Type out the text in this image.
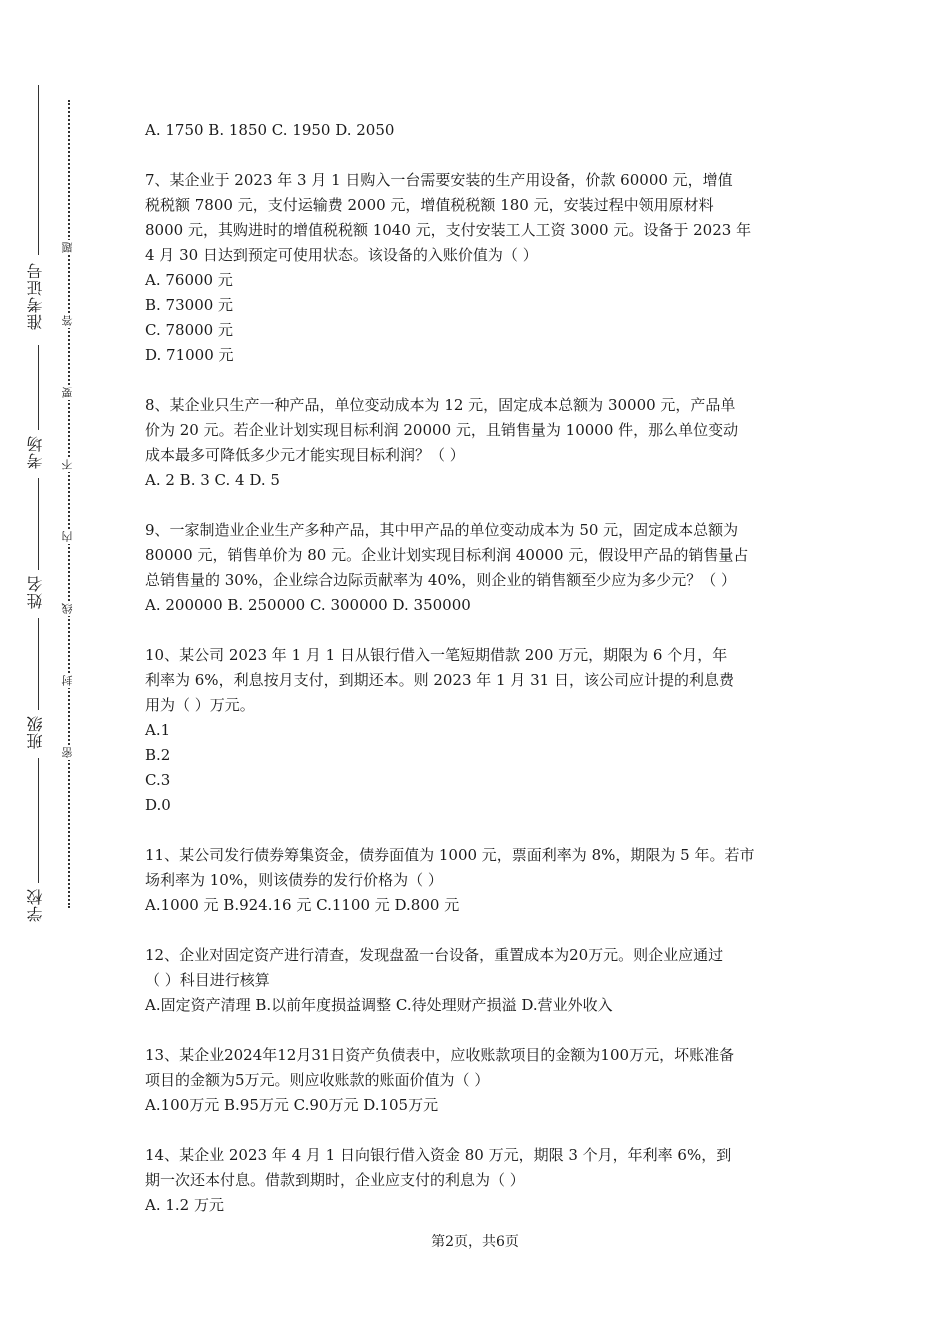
准考证号
考场
姓名
班级
学校
题
答
要
不
内
线
封
密

A. 1750 B. 1850 C. 1950 D. 2050

7、某企业于 2023 年 3 月 1 日购入一台需要安装的生产用设备，价款 60000 元，增值

税税额 7800 元，支付运输费 2000 元，增值税税额 180 元，安装过程中领用原材料

8000 元，其购进时的增值税税额 1040 元，支付安装工人工资 3000 元。设备于 2023 年

4 月 30 日达到预定可使用状态。该设备的入账价值为（ ）

A. 76000 元

B. 73000 元

C. 78000 元

D. 71000 元

8、某企业只生产一种产品，单位变动成本为 12 元，固定成本总额为 30000 元，产品单

价为 20 元。若企业计划实现目标利润 20000 元，且销售量为 10000 件，那么单位变动

成本最多可降低多少元才能实现目标利润？（ ）

A. 2 B. 3 C. 4 D. 5

9、一家制造业企业生产多种产品，其中甲产品的单位变动成本为 50 元，固定成本总额为

80000 元，销售单价为 80 元。企业计划实现目标利润 40000 元，假设甲产品的销售量占

总销售量的 30%，企业综合边际贡献率为 40%，则企业的销售额至少应为多少元？（ ）

A. 200000 B. 250000 C. 300000 D. 350000

10、某公司 2023 年 1 月 1 日从银行借入一笔短期借款 200 万元，期限为 6 个月，年

利率为 6%，利息按月支付，到期还本。则 2023 年 1 月 31 日，该公司应计提的利息费

用为（ ）万元。

A.1

B.2

C.3

D.0

11、某公司发行债券筹集资金，债券面值为 1000 元，票面利率为 8%，期限为 5 年。若市

场利率为 10%，则该债券的发行价格为（ ）

A.1000 元 B.924.16 元 C.1100 元 D.800 元

12、企业对固定资产进行清查，发现盘盈一台设备，重置成本为20万元。则企业应通过

（ ）科目进行核算

A.固定资产清理 B.以前年度损益调整 C.待处理财产损溢 D.营业外收入

13、某企业2024年12月31日资产负债表中，应收账款项目的金额为100万元，坏账准备

项目的金额为5万元。则应收账款的账面价值为（ ）

A.100万元 B.95万元 C.90万元 D.105万元

14、某企业 2023 年 4 月 1 日向银行借入资金 80 万元，期限 3 个月，年利率 6%，到

期一次还本付息。借款到期时，企业应支付的利息为（ ）

A. 1.2 万元

第2页，共6页
